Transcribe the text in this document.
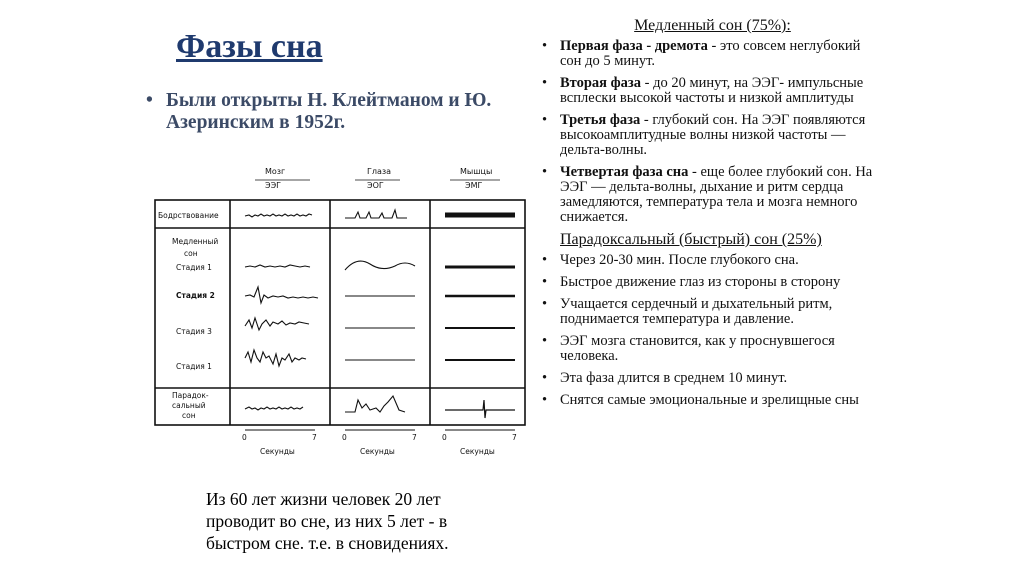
Фазы сна
• Были открыты Н. Клейтманом и Ю. Азеринским в 1952г.
Мозг
ЭЭГ
Глаза
ЭОГ
Мышцы
ЭМГ
Бодрствование
Медленный
сон
Стадия 1
Стадия 2
Стадия 3
Стадия 1
Парадок-
сальный
сон
0	7
Секунды
0	7
Секунды
0	7
Секунды
Из 60 лет жизни человек 20 лет проводит во сне, из них 5 лет - в быстром сне. т.е. в сновидениях.
Медленный сон (75%):
• Первая фаза - дремота - это совсем неглубокий сон до 5 минут.
• Вторая фаза - до 20 минут, на ЭЭГ- импульсные всплески высокой частоты и низкой амплитуды
• Третья фаза - глубокий сон. На ЭЭГ появляются высокоамплитудные волны низкой частоты — дельта-волны.
• Четвертая фаза сна - еще более глубокий сон. На ЭЭГ — дельта-волны, дыхание и ритм сердца замедляются, температура тела и мозга немного снижается.
Парадоксальный (быстрый) сон (25%)
• Через 20-30 мин. После глубокого сна.
• Быстрое движение глаз из стороны в сторону
• Учащается сердечный и дыхательный ритм, поднимается температура и давление.
• ЭЭГ мозга становится, как у проснувшегося человека.
• Эта фаза длится в среднем 10 минут.
• Снятся самые эмоциональные и зрелищные сны
